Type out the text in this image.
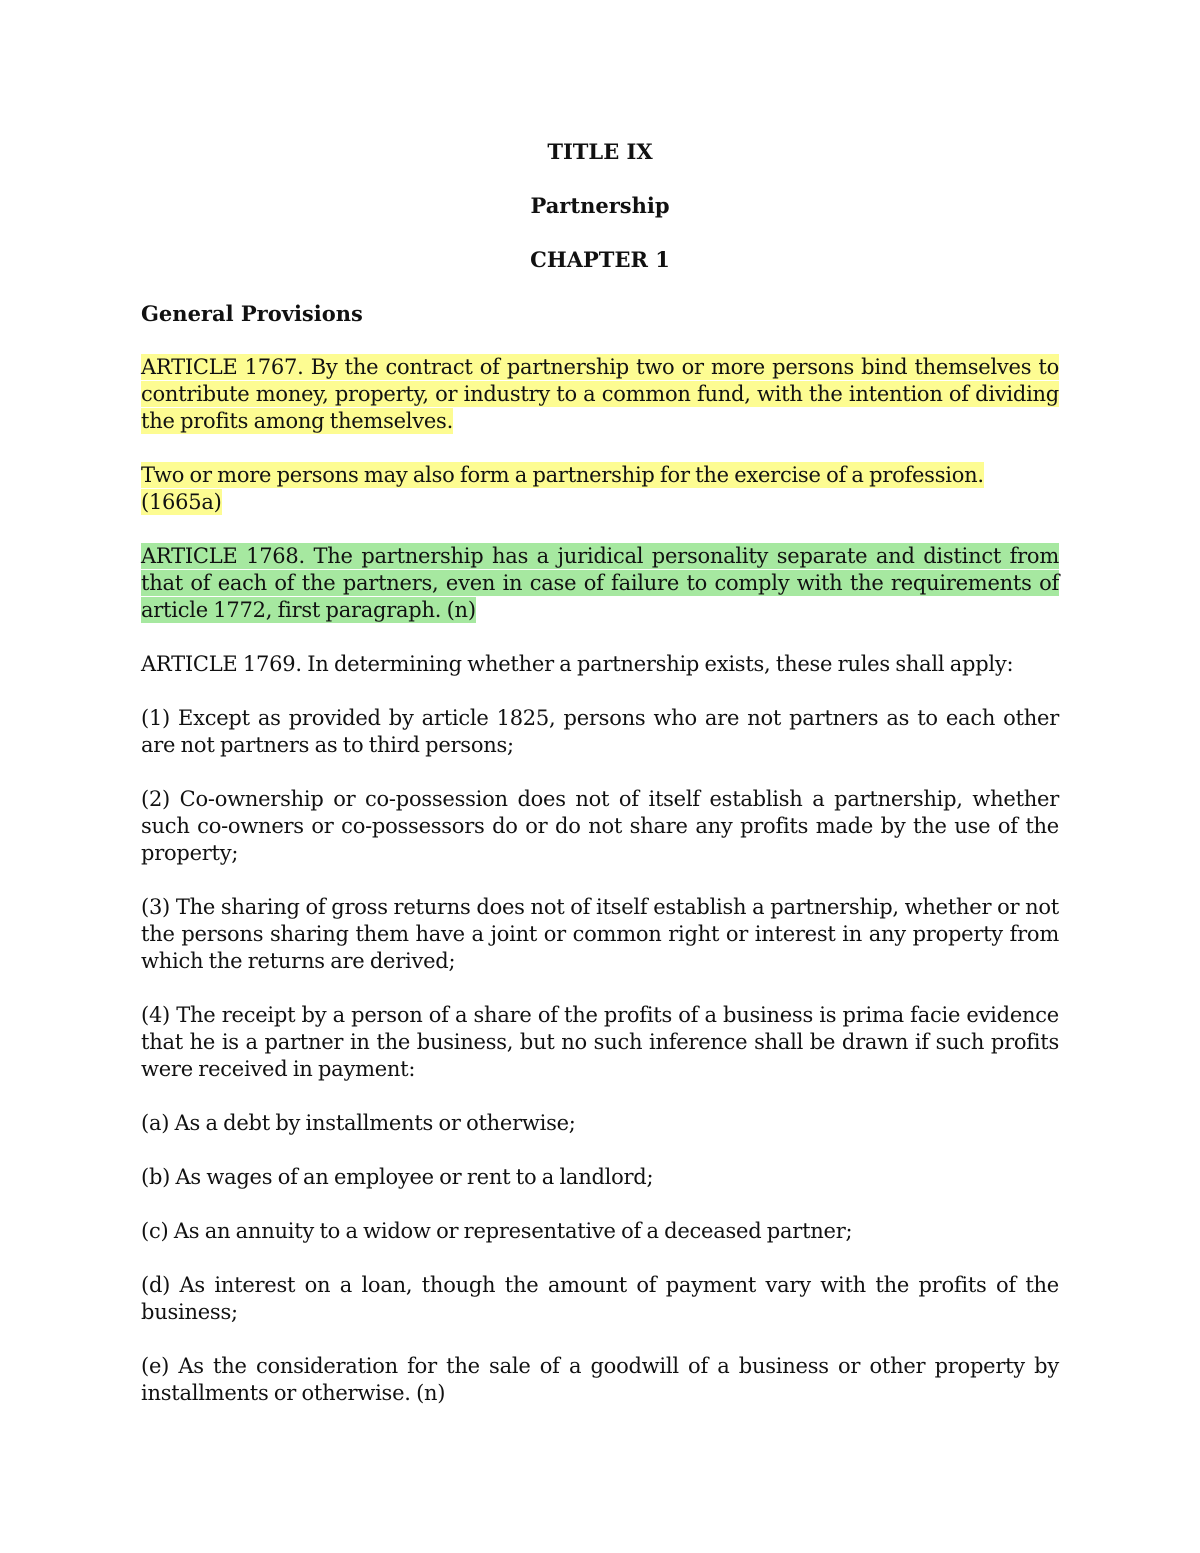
TITLE IX
Partnership
CHAPTER 1
General Provisions

ARTICLE 1767. By the contract of partnership two or more persons bind themselves to contribute money, property, or industry to a common fund, with the intention of dividing the profits among themselves.

Two or more persons may also form a partnership for the exercise of a profession. (1665a)

ARTICLE 1768. The partnership has a juridical personality separate and distinct from that of each of the partners, even in case of failure to comply with the requirements of article 1772, first paragraph. (n)

ARTICLE 1769. In determining whether a partnership exists, these rules shall apply:

(1) Except as provided by article 1825, persons who are not partners as to each other are not partners as to third persons;

(2) Co-ownership or co-possession does not of itself establish a partnership, whether such co-owners or co-possessors do or do not share any profits made by the use of the property;

(3) The sharing of gross returns does not of itself establish a partnership, whether or not the persons sharing them have a joint or common right or interest in any property from which the returns are derived;

(4) The receipt by a person of a share of the profits of a business is prima facie evidence that he is a partner in the business, but no such inference shall be drawn if such profits were received in payment:

(a) As a debt by installments or otherwise;

(b) As wages of an employee or rent to a landlord;

(c) As an annuity to a widow or representative of a deceased partner;

(d) As interest on a loan, though the amount of payment vary with the profits of the business;

(e) As the consideration for the sale of a goodwill of a business or other property by installments or otherwise. (n)
